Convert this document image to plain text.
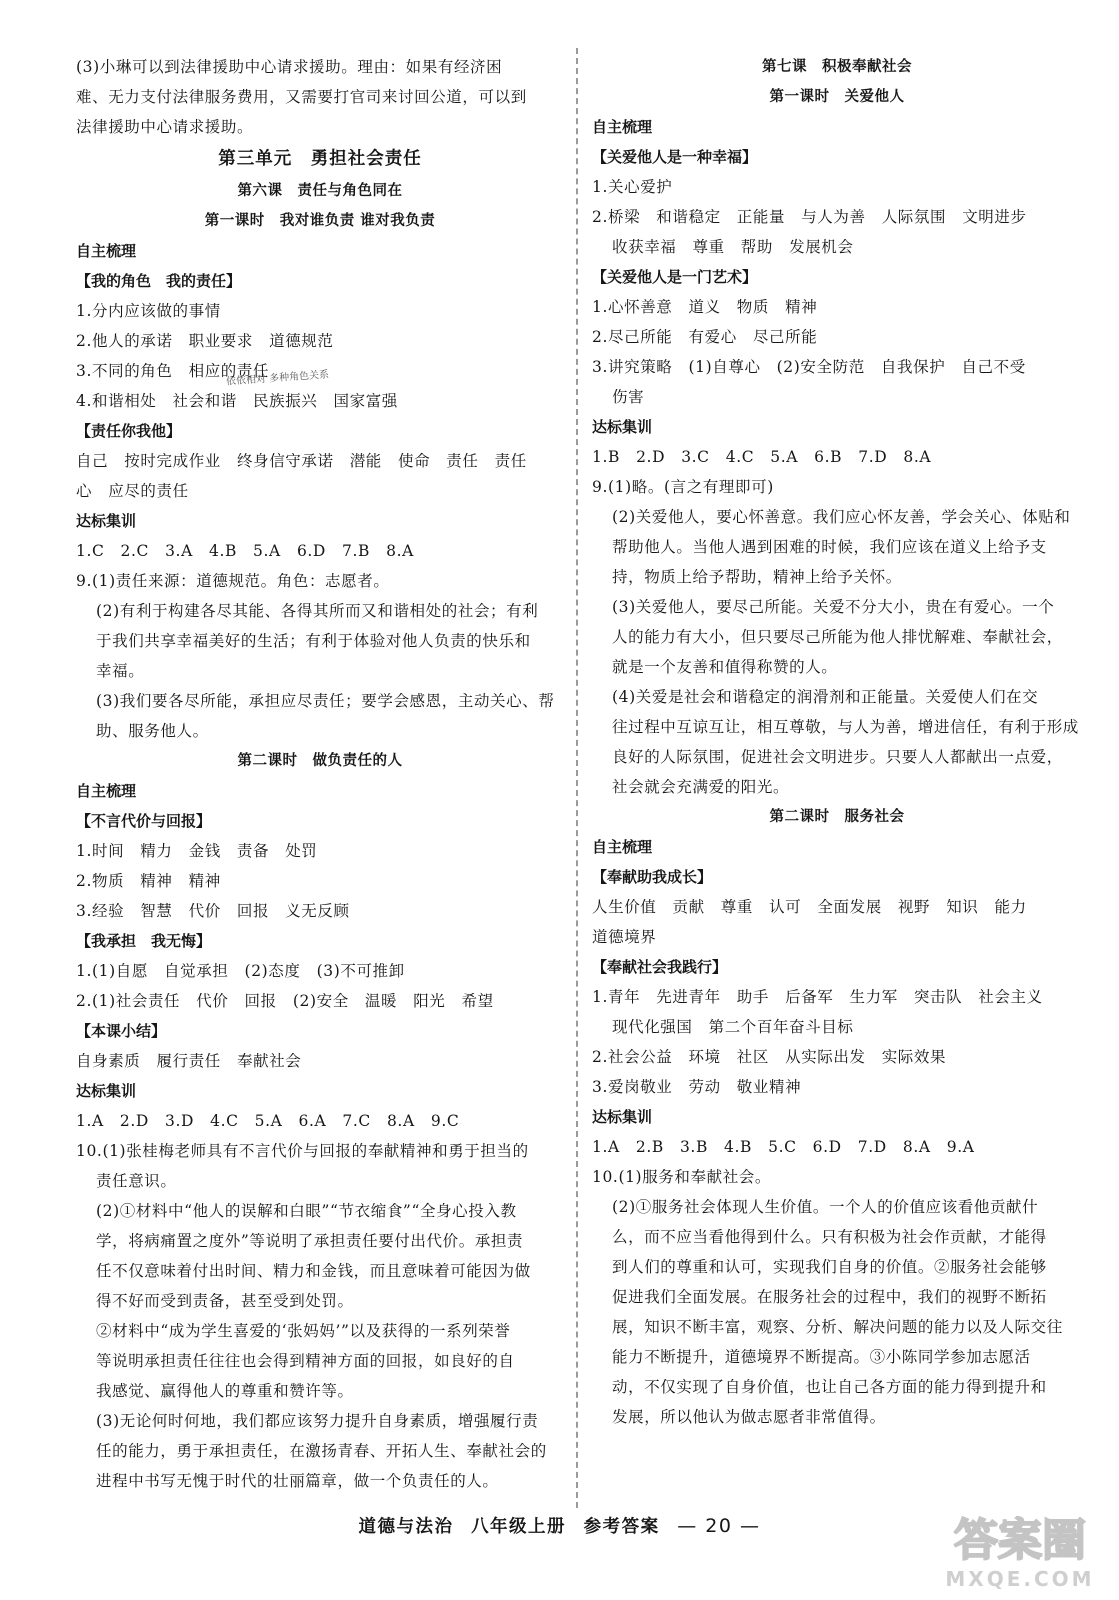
(3)小琳可以到法律援助中心请求援助。理由：如果有经济困
难、无力支付法律服务费用，又需要打官司来讨回公道，可以到
法律援助中心请求援助。
第三单元　勇担社会责任
第六课　责任与角色同在
第一课时　我对谁负责 谁对我负责
自主梳理
【我的角色　我的责任】
1.分内应该做的事情
2.他人的承诺　职业要求　道德规范
3.不同的角色　相应的责任
依依相对 多种角色关系
4.和谐相处　社会和谐　民族振兴　国家富强
【责任你我他】
自己　按时完成作业　终身信守承诺　潜能　使命　责任　责任
心　应尽的责任
达标集训
1.C　2.C　3.A　4.B　5.A　6.D　7.B　8.A
9.(1)责任来源：道德规范。角色：志愿者。
(2)有利于构建各尽其能、各得其所而又和谐相处的社会；有利
于我们共享幸福美好的生活；有利于体验对他人负责的快乐和
幸福。
(3)我们要各尽所能，承担应尽责任；要学会感恩，主动关心、帮
助、服务他人。
第二课时　做负责任的人
自主梳理
【不言代价与回报】
1.时间　精力　金钱　责备　处罚
2.物质　精神　精神
3.经验　智慧　代价　回报　义无反顾
【我承担　我无悔】
1.(1)自愿　自觉承担　(2)态度　(3)不可推卸
2.(1)社会责任　代价　回报　(2)安全　温暖　阳光　希望
【本课小结】
自身素质　履行责任　奉献社会
达标集训
1.A　2.D　3.D　4.C　5.A　6.A　7.C　8.A　9.C
10.(1)张桂梅老师具有不言代价与回报的奉献精神和勇于担当的
责任意识。
(2)①材料中“他人的误解和白眼”“节衣缩食”“全身心投入教
学，将病痛置之度外”等说明了承担责任要付出代价。承担责
任不仅意味着付出时间、精力和金钱，而且意味着可能因为做
得不好而受到责备，甚至受到处罚。
②材料中“成为学生喜爱的‘张妈妈’”以及获得的一系列荣誉
等说明承担责任往往也会得到精神方面的回报，如良好的自
我感觉、赢得他人的尊重和赞许等。
(3)无论何时何地，我们都应该努力提升自身素质，增强履行责
任的能力，勇于承担责任，在激扬青春、开拓人生、奉献社会的
进程中书写无愧于时代的壮丽篇章，做一个负责任的人。
第七课　积极奉献社会
第一课时　关爱他人
自主梳理
【关爱他人是一种幸福】
1.关心爱护
2.桥梁　和谐稳定　正能量　与人为善　人际氛围　文明进步
收获幸福　尊重　帮助　发展机会
【关爱他人是一门艺术】
1.心怀善意　道义　物质　精神
2.尽己所能　有爱心　尽己所能
3.讲究策略　(1)自尊心　(2)安全防范　自我保护　自己不受
伤害
达标集训
1.B　2.D　3.C　4.C　5.A　6.B　7.D　8.A
9.(1)略。(言之有理即可)
(2)关爱他人，要心怀善意。我们应心怀友善，学会关心、体贴和
帮助他人。当他人遇到困难的时候，我们应该在道义上给予支
持，物质上给予帮助，精神上给予关怀。
(3)关爱他人，要尽己所能。关爱不分大小，贵在有爱心。一个
人的能力有大小，但只要尽己所能为他人排忧解难、奉献社会，
就是一个友善和值得称赞的人。
(4)关爱是社会和谐稳定的润滑剂和正能量。关爱使人们在交
往过程中互谅互让，相互尊敬，与人为善，增进信任，有利于形成
良好的人际氛围，促进社会文明进步。只要人人都献出一点爱，
社会就会充满爱的阳光。
第二课时　服务社会
自主梳理
【奉献助我成长】
人生价值　贡献　尊重　认可　全面发展　视野　知识　能力
道德境界
【奉献社会我践行】
1.青年　先进青年　助手　后备军　生力军　突击队　社会主义
现代化强国　第二个百年奋斗目标
2.社会公益　环境　社区　从实际出发　实际效果
3.爱岗敬业　劳动　敬业精神
达标集训
1.A　2.B　3.B　4.B　5.C　6.D　7.D　8.A　9.A
10.(1)服务和奉献社会。
(2)①服务社会体现人生价值。一个人的价值应该看他贡献什
么，而不应当看他得到什么。只有积极为社会作贡献，才能得
到人们的尊重和认可，实现我们自身的价值。②服务社会能够
促进我们全面发展。在服务社会的过程中，我们的视野不断拓
展，知识不断丰富，观察、分析、解决问题的能力以及人际交往
能力不断提升，道德境界不断提高。③小陈同学参加志愿活
动，不仅实现了自身价值，也让自己各方面的能力得到提升和
发展，所以他认为做志愿者非常值得。
道德与法治 八年级上册 参考答案 — 20 —	答案圈
MXQE.COM
